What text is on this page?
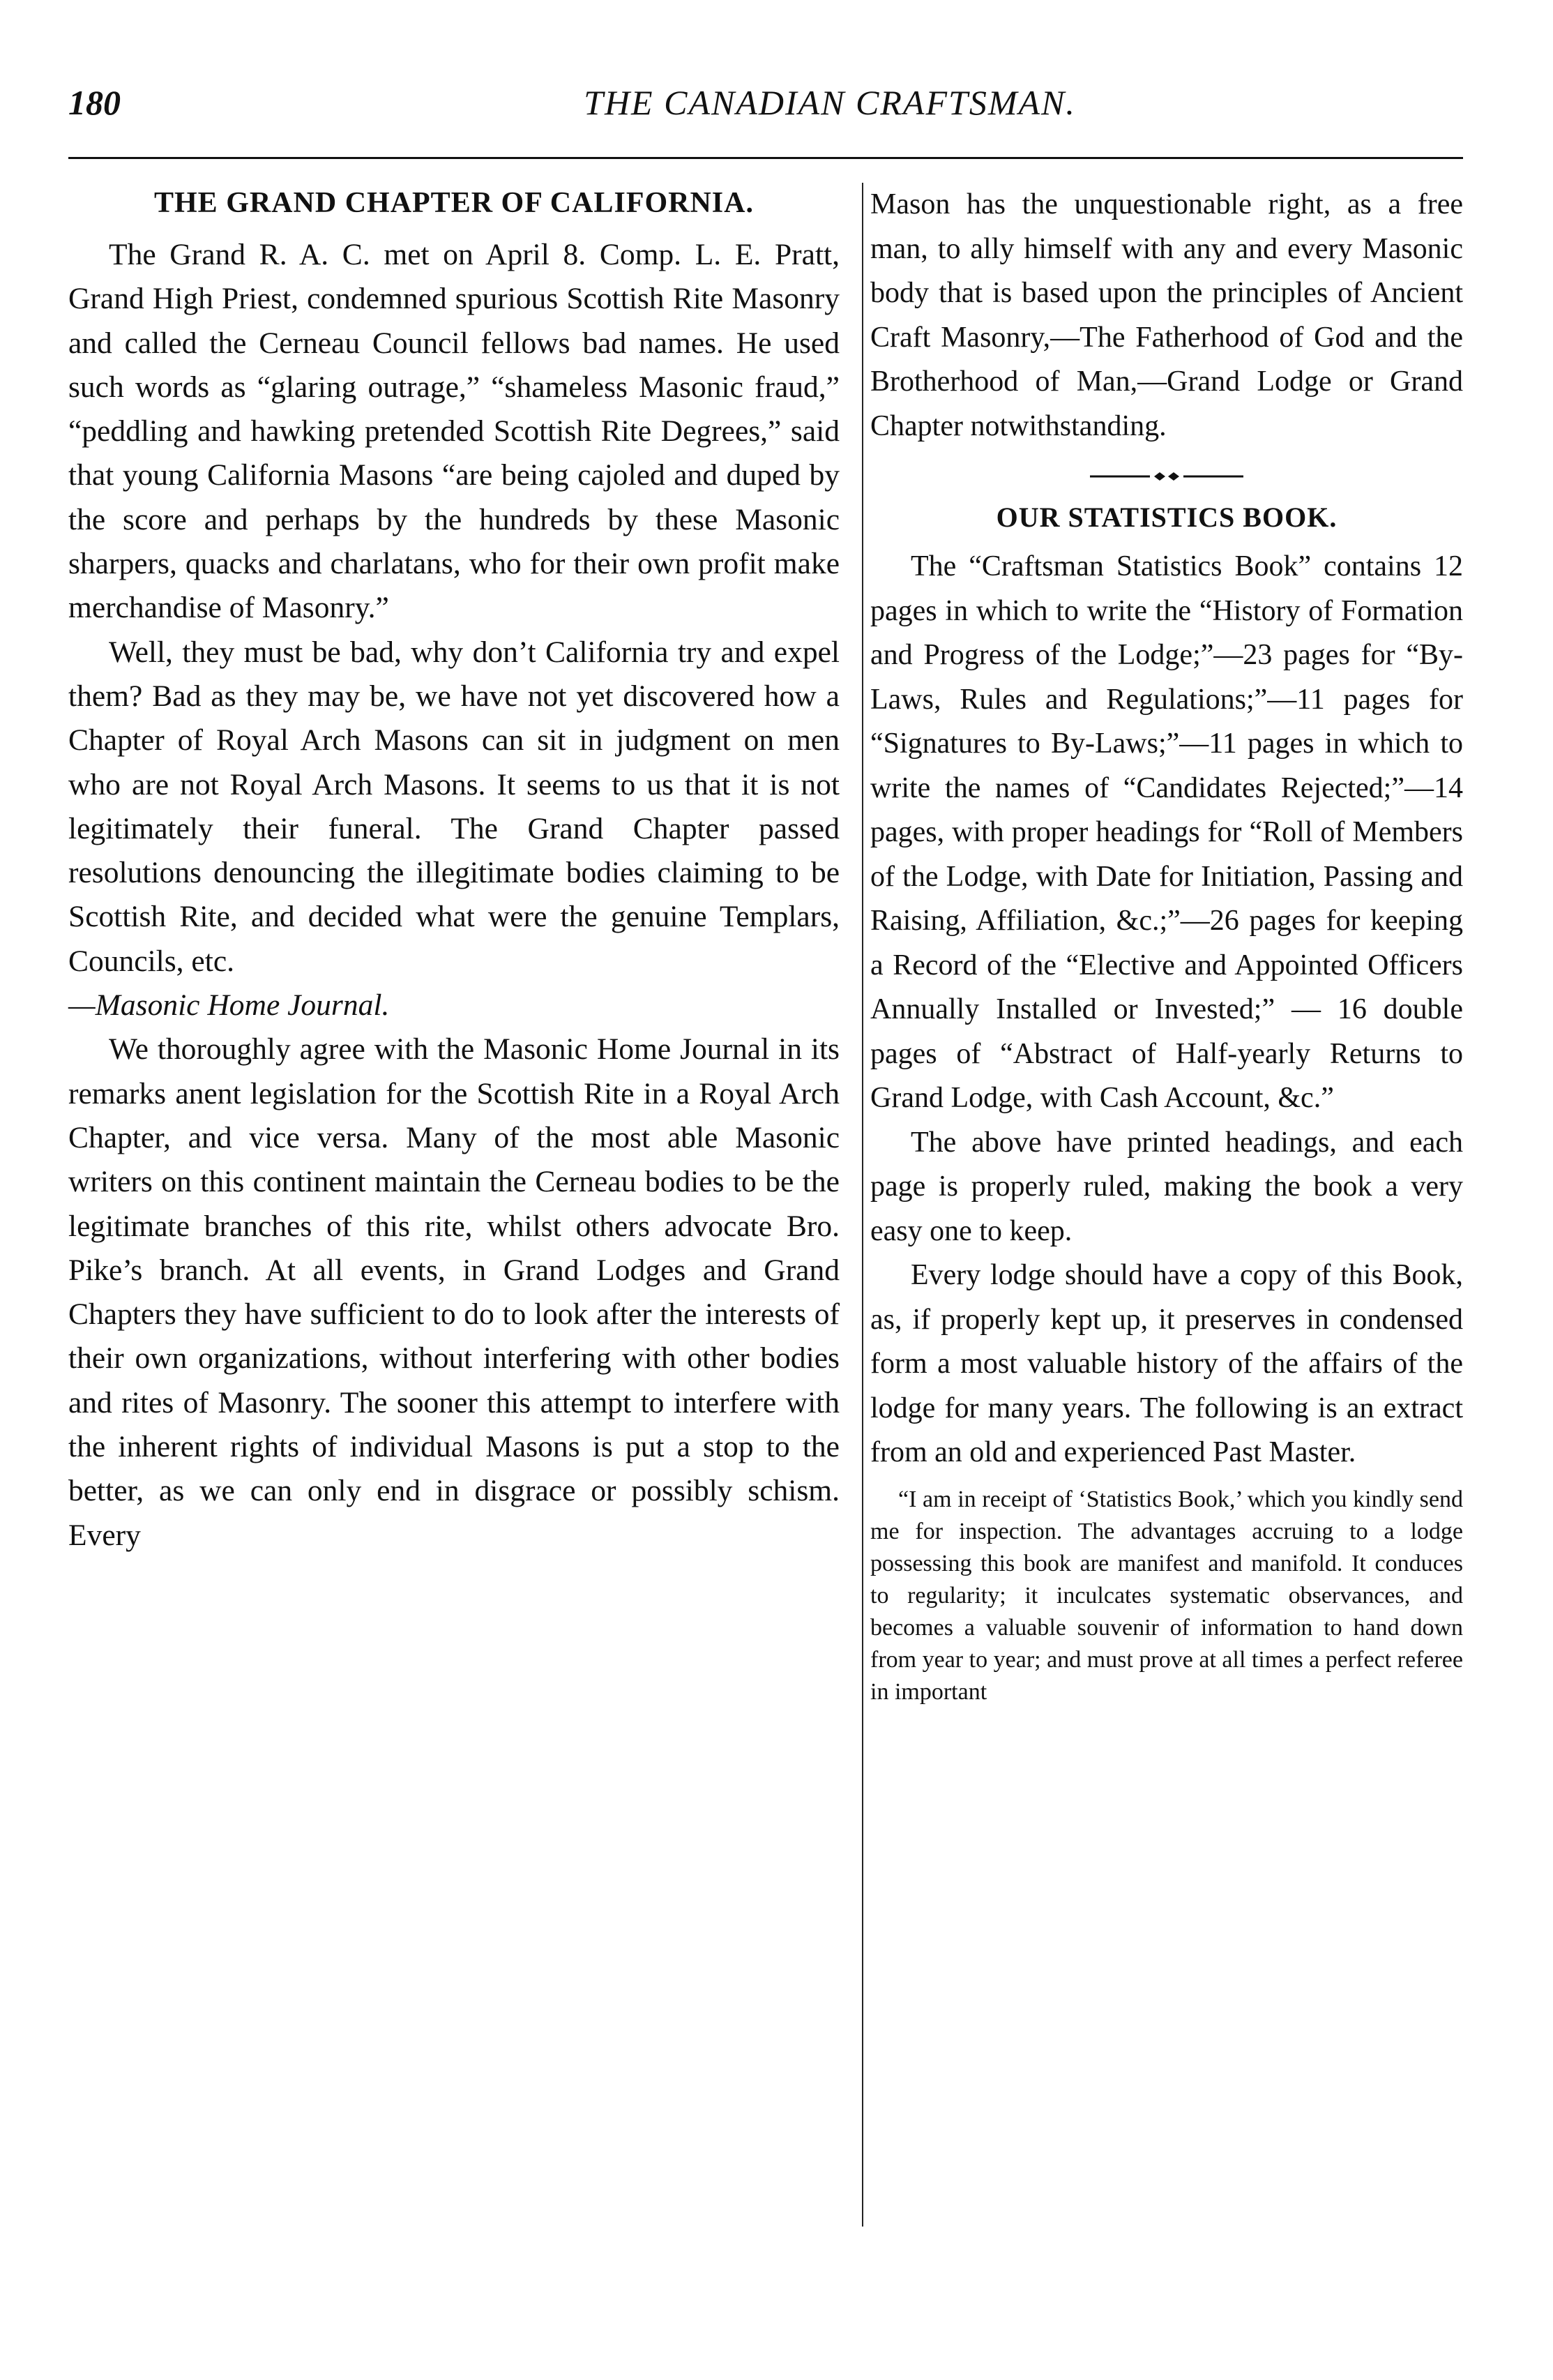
180	THE CANADIAN CRAFTSMAN.
THE GRAND CHAPTER OF CALIFORNIA.

The Grand R. A. C. met on April 8. Comp. L. E. Pratt, Grand High Priest, condemned spurious Scottish Rite Masonry and called the Cerneau Council fellows bad names. He used such words as “glaring outrage,” “shameless Masonic fraud,” “peddling and hawking pretended Scottish Rite Degrees,” said that young California Masons “are being cajoled and duped by the score and perhaps by the hundreds by these Masonic sharpers, quacks and charlatans, who for their own profit make merchandise of Masonry.”

Well, they must be bad, why don’t California try and expel them? Bad as they may be, we have not yet discovered how a Chapter of Royal Arch Masons can sit in judgment on men who are not Royal Arch Masons. It seems to us that it is not legitimately their funeral. The Grand Chapter passed resolutions denouncing the illegitimate bodies claiming to be Scottish Rite, and decided what were the genuine Templars, Councils, etc.
—Masonic Home Journal.

We thoroughly agree with the Masonic Home Journal in its remarks anent legislation for the Scottish Rite in a Royal Arch Chapter, and vice versa. Many of the most able Masonic writers on this continent maintain the Cerneau bodies to be the legitimate branches of this rite, whilst others advocate Bro. Pike’s branch. At all events, in Grand Lodges and Grand Chapters they have sufficient to do to look after the interests of their own organizations, without interfering with other bodies and rites of Masonry. The sooner this attempt to interfere with the inherent rights of individual Masons is put a stop to the better, as we can only end in disgrace or possibly schism. Every

Mason has the unquestionable right, as a free man, to ally himself with any and every Masonic body that is based upon the principles of Ancient Craft Masonry,—The Fatherhood of God and the Brotherhood of Man,—Grand Lodge or Grand Chapter notwithstanding.

OUR STATISTICS BOOK.

The “Craftsman Statistics Book” contains 12 pages in which to write the “History of Formation and Progress of the Lodge;”—23 pages for “By-Laws, Rules and Regulations;”—11 pages for “Signatures to By-Laws;”—11 pages in which to write the names of “Candidates Rejected;”—14 pages, with proper headings for “Roll of Members of the Lodge, with Date for Initiation, Passing and Raising, Affiliation, &c.;”—26 pages for keeping a Record of the “Elective and Appointed Officers Annually Installed or Invested;” — 16 double pages of “Abstract of Half-yearly Returns to Grand Lodge, with Cash Account, &c.”

The above have printed headings, and each page is properly ruled, making the book a very easy one to keep.

Every lodge should have a copy of this Book, as, if properly kept up, it preserves in condensed form a most valuable history of the affairs of the lodge for many years. The following is an extract from an old and experienced Past Master.

“I am in receipt of ‘Statistics Book,’ which you kindly send me for inspection. The advantages accruing to a lodge possessing this book are manifest and manifold. It conduces to regularity; it inculcates systematic observances, and becomes a valuable souvenir of information to hand down from year to year; and must prove at all times a perfect referee in important
